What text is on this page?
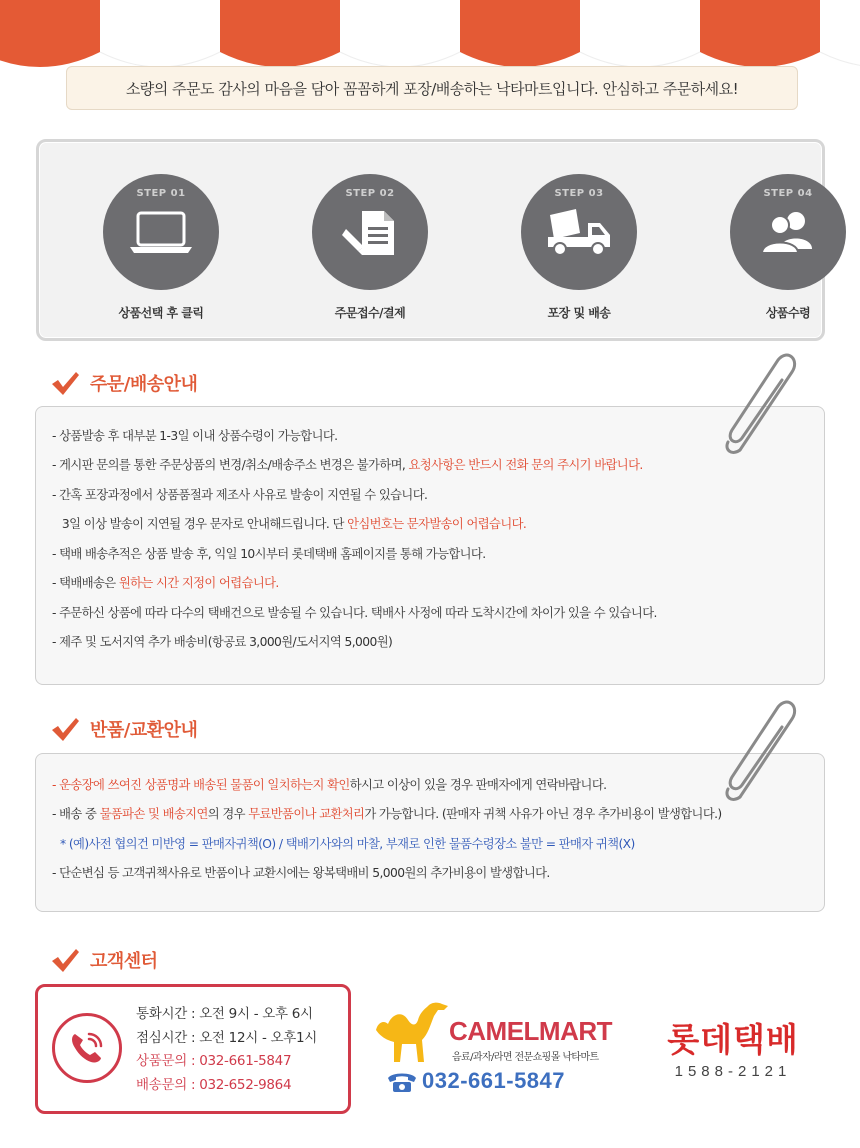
소량의 주문도 감사의 마음을 담아 꼼꼼하게 포장/배송하는 낙타마트입니다. 안심하고 주문하세요!
STEP 01
상품선택 후 클릭
STEP 02
주문접수/결제
STEP 03
포장 및 배송
STEP 04
상품수령
주문/배송안내
- 상품발송 후 대부분 1-3일 이내 상품수령이 가능합니다.
- 게시판 문의를 통한 주문상품의 변경/취소/배송주소 변경은 불가하며, 요청사항은 반드시 전화 문의 주시기 바랍니다.
- 간혹 포장과정에서 상품품절과 제조사 사유로 발송이 지연될 수 있습니다.
3일 이상 발송이 지연될 경우 문자로 안내해드립니다. 단 안심번호는 문자발송이 어렵습니다.
- 택배 배송추적은 상품 발송 후, 익일 10시부터 롯데택배 홈페이지를 통해 가능합니다.
- 택배배송은 원하는 시간 지정이 어렵습니다.
- 주문하신 상품에 따라 다수의 택배건으로 발송될 수 있습니다. 택배사 사정에 따라 도착시간에 차이가 있을 수 있습니다.
- 제주 및 도서지역 추가 배송비(항공료 3,000원/도서지역 5,000원)
반품/교환안내
- 운송장에 쓰여진 상품명과 배송된 물품이 일치하는지 확인하시고 이상이 있을 경우 판매자에게 연락바랍니다.
- 배송 중 물품파손 및 배송지연의 경우 무료반품이나 교환처리가 가능합니다. (판매자 귀책 사유가 아닌 경우 추가비용이 발생합니다.)
* (예)사전 협의건 미반영 = 판매자귀책(O) / 택배기사와의 마찰, 부재로 인한 물품수령장소 불만 = 판매자 귀책(X)
- 단순변심 등 고객귀책사유로 반품이나 교환시에는 왕복택배비 5,000원의 추가비용이 발생합니다.
고객센터
통화시간 : 오전 9시 - 오후 6시
점심시간 : 오전 12시 - 오후1시
상품문의 : 032-661-5847
배송문의 : 032-652-9864
CAMELMART
음료/과자/라면 전문쇼핑몰 낙타마트
032-661-5847
롯데택배
1588-2121
